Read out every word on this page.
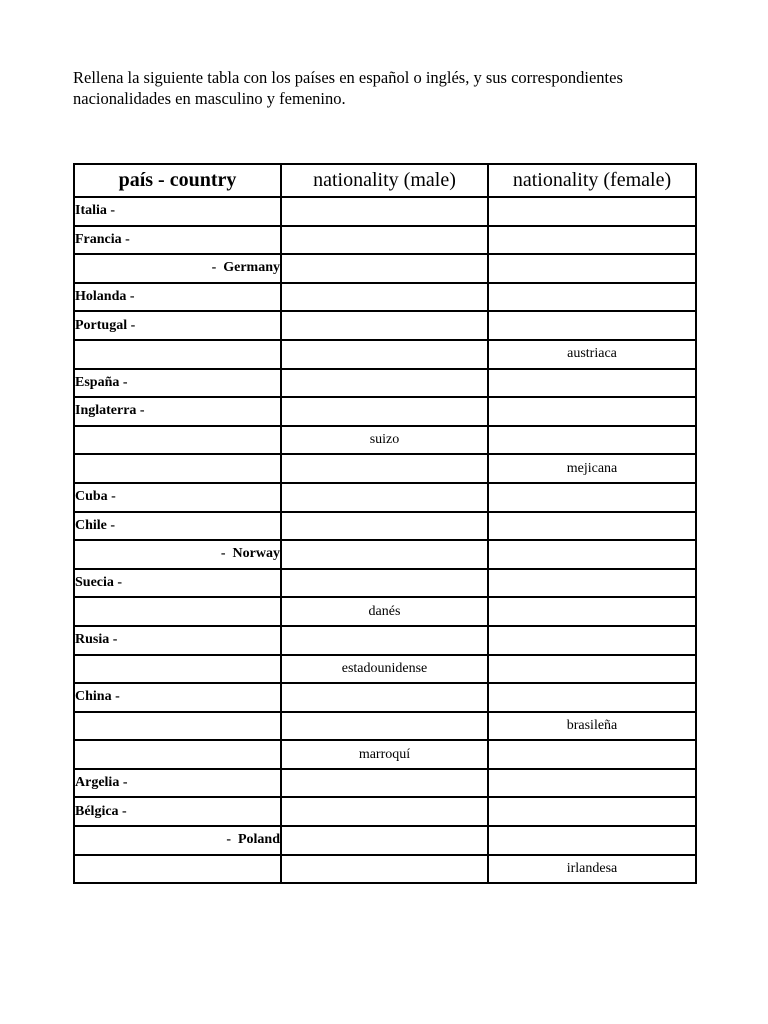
Rellena la siguiente tabla con los países en español o inglés, y sus correspondientes

nacionalidades en masculino y femenino.

país - country	nationality (male)	nationality (female)
Italia -		
Francia -		
-  Germany		
Holanda -		
Portugal -		
		austriaca
España -		
Inglaterra -		
	suizo	
		mejicana
Cuba -		
Chile -		
-  Norway		
Suecia -		
	danés	
Rusia -		
	estadounidense	
China -		
		brasileña
	marroquí	
Argelia -		
Bélgica -		
-  Poland		
		irlandesa
